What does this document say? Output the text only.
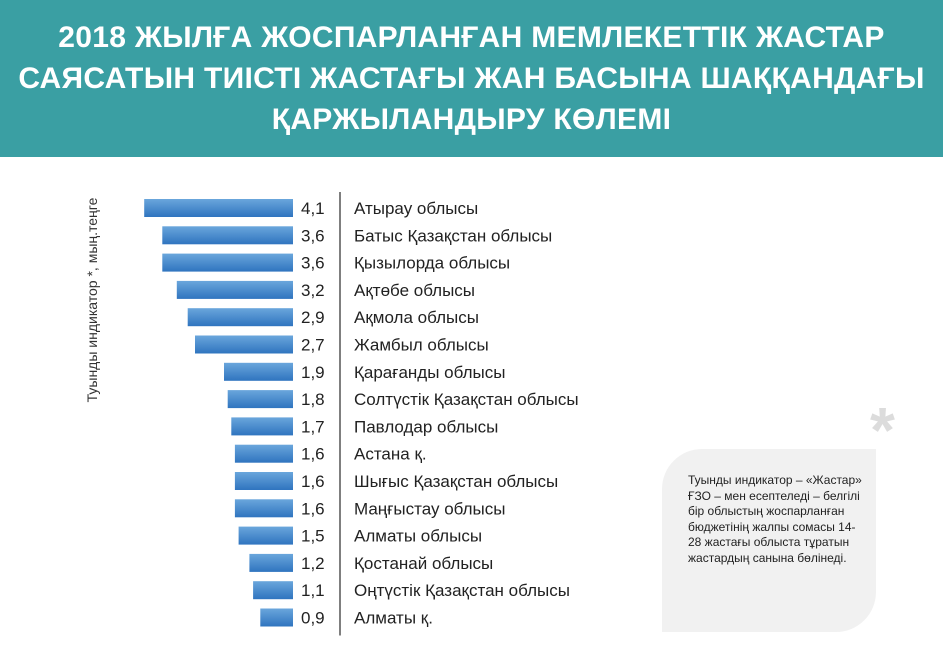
2018 ЖЫЛҒА ЖОСПАРЛАНҒАН МЕМЛЕКЕТТІК ЖАСТАР
САЯСАТЫН ТИІСТІ ЖАСТАҒЫ ЖАН БАСЫНА ШАҚҚАНДАҒЫ
ҚАРЖЫЛАНДЫРУ КӨЛЕМІ
Туынды индикатор *, мың.теңге	4,1 Атырау облысы
3,6 Батыс Қазақстан облысы
3,6 Қызылорда облысы
3,2 Ақтөбе облысы
2,9 Ақмола облысы
2,7 Жамбыл облысы
1,9 Қарағанды облысы
1,8 Солтүстік Қазақстан облысы
1,7 Павлодар облысы
1,6 Астана қ.
1,6 Шығыс Қазақстан облысы
1,6 Маңғыстау облысы
1,5 Алматы облысы
1,2 Қостанай облысы
1,1 Оңтүстік Қазақстан облысы
0,9 Алматы қ.
*
Туынды индикатор – «Жастар» ҒЗО – мен есептеледі – белгілі бір облыстың жоспарланған бюджетінің жалпы сомасы 14-28 жастағы облыста тұратын жастардың санына бөлінеді.
